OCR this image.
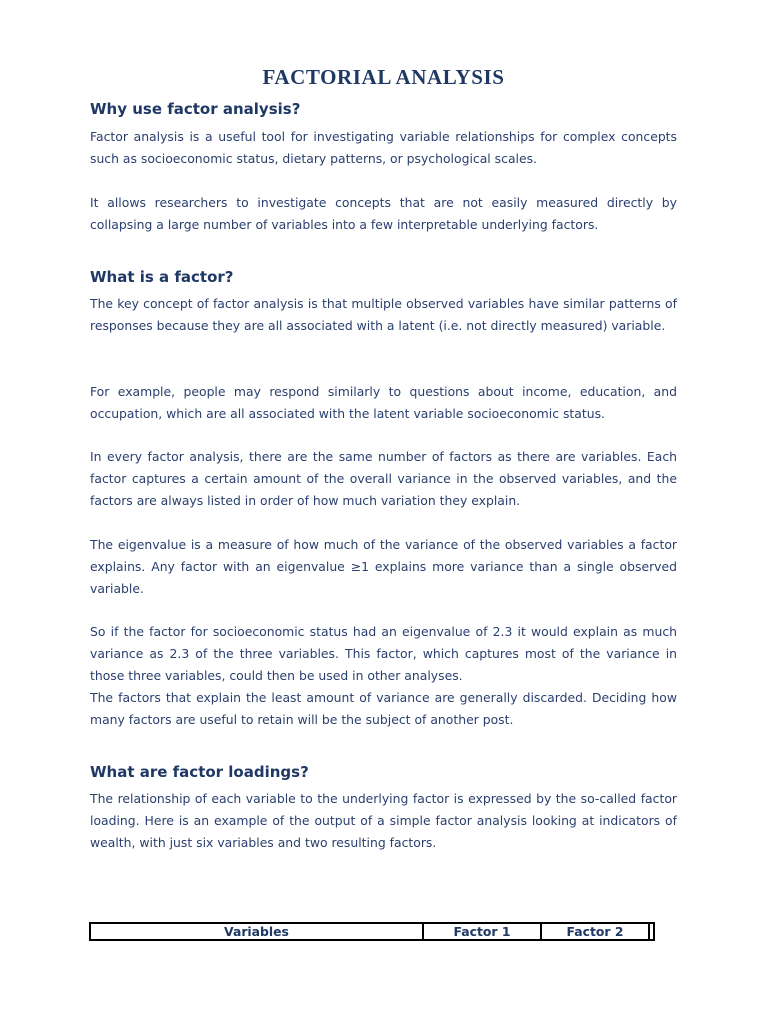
FACTORIAL ANALYSIS
Why use factor analysis?
Factor analysis is a useful tool for investigating variable relationships for complex concepts such as socioeconomic status, dietary patterns, or psychological scales.
It allows researchers to investigate concepts that are not easily measured directly by collapsing a large number of variables into a few interpretable underlying factors.
What is a factor?
The key concept of factor analysis is that multiple observed variables have similar patterns of responses because they are all associated with a latent (i.e. not directly measured) variable.
For example, people may respond similarly to questions about income, education, and occupation, which are all associated with the latent variable socioeconomic status.
In every factor analysis, there are the same number of factors as there are variables. Each factor captures a certain amount of the overall variance in the observed variables, and the factors are always listed in order of how much variation they explain.
The eigenvalue is a measure of how much of the variance of the observed variables a factor explains. Any factor with an eigenvalue ≥1 explains more variance than a single observed variable.
So if the factor for socioeconomic status had an eigenvalue of 2.3 it would explain as much variance as 2.3 of the three variables. This factor, which captures most of the variance in those three variables, could then be used in other analyses.
The factors that explain the least amount of variance are generally discarded. Deciding how many factors are useful to retain will be the subject of another post.
What are factor loadings?
The relationship of each variable to the underlying factor is expressed by the so-called factor loading. Here is an example of the output of a simple factor analysis looking at indicators of wealth, with just six variables and two resulting factors.
Variables	Factor 1	Factor 2	
